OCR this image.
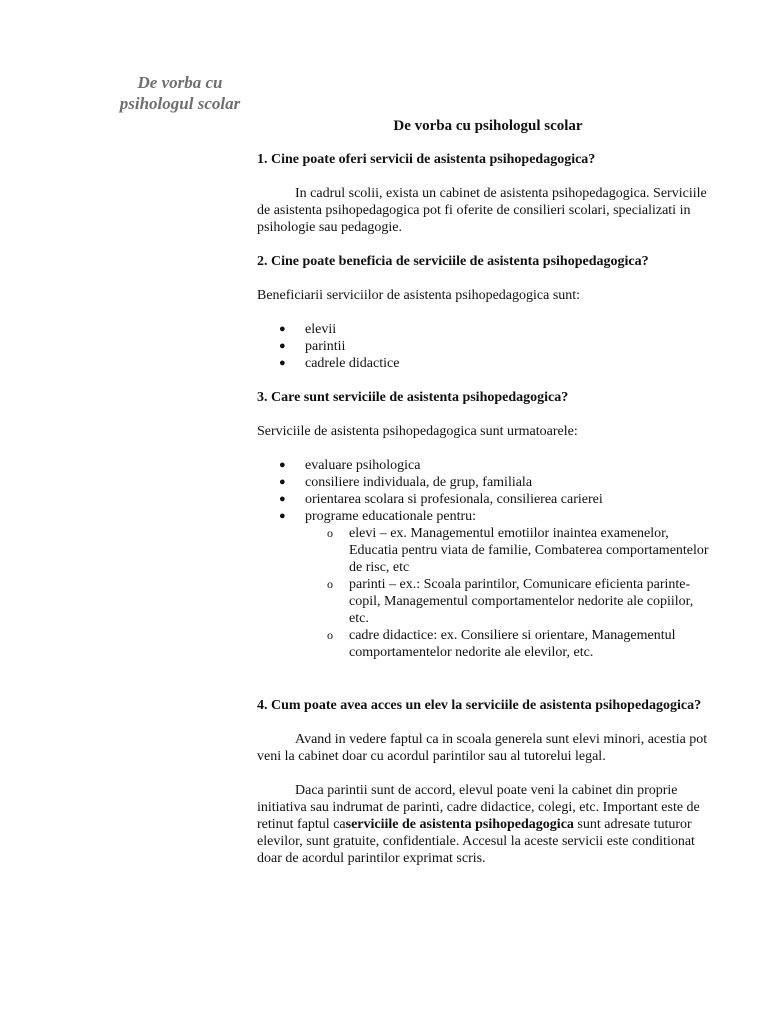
De vorba cu
psihologul scolar
De vorba cu psihologul scolar
1. Cine poate oferi servicii de asistenta psihopedagogica?
In cadrul scolii, exista un cabinet de asistenta psihopedagogica. Serviciile de asistenta psihopedagogica pot fi oferite de consilieri scolari, specializati in psihologie sau pedagogie.
2. Cine poate beneficia de serviciile de asistenta psihopedagogica?
Beneficiarii serviciilor de asistenta psihopedagogica sunt:
● elevii
● parintii
● cadrele didactice
3. Care sunt serviciile de asistenta psihopedagogica?
Serviciile de asistenta psihopedagogica sunt urmatoarele:
● evaluare psihologica
● consiliere individuala, de grup, familiala
● orientarea scolara si profesionala, consilierea carierei
● programe educationale pentru:
o elevi – ex. Managementul emotiilor inaintea examenelor, Educatia pentru viata de familie, Combaterea comportamentelor de risc, etc
o parinti – ex.: Scoala parintilor, Comunicare eficienta parinte-copil, Managementul comportamentelor nedorite ale copiilor, etc.
o cadre didactice: ex. Consiliere si orientare, Managementul comportamentelor nedorite ale elevilor, etc.
4. Cum poate avea acces un elev la serviciile de asistenta psihopedagogica?
Avand in vedere faptul ca in scoala generela sunt elevi minori, acestia pot veni la cabinet doar cu acordul parintilor sau al tutorelui legal.
Daca parintii sunt de accord, elevul poate veni la cabinet din proprie initiativa sau indrumat de parinti, cadre didactice, colegi, etc. Important este de retinut faptul caserviciile de asistenta psihopedagogica sunt adresate tuturor elevilor, sunt gratuite, confidentiale. Accesul la aceste servicii este conditionat doar de acordul parintilor exprimat scris.
